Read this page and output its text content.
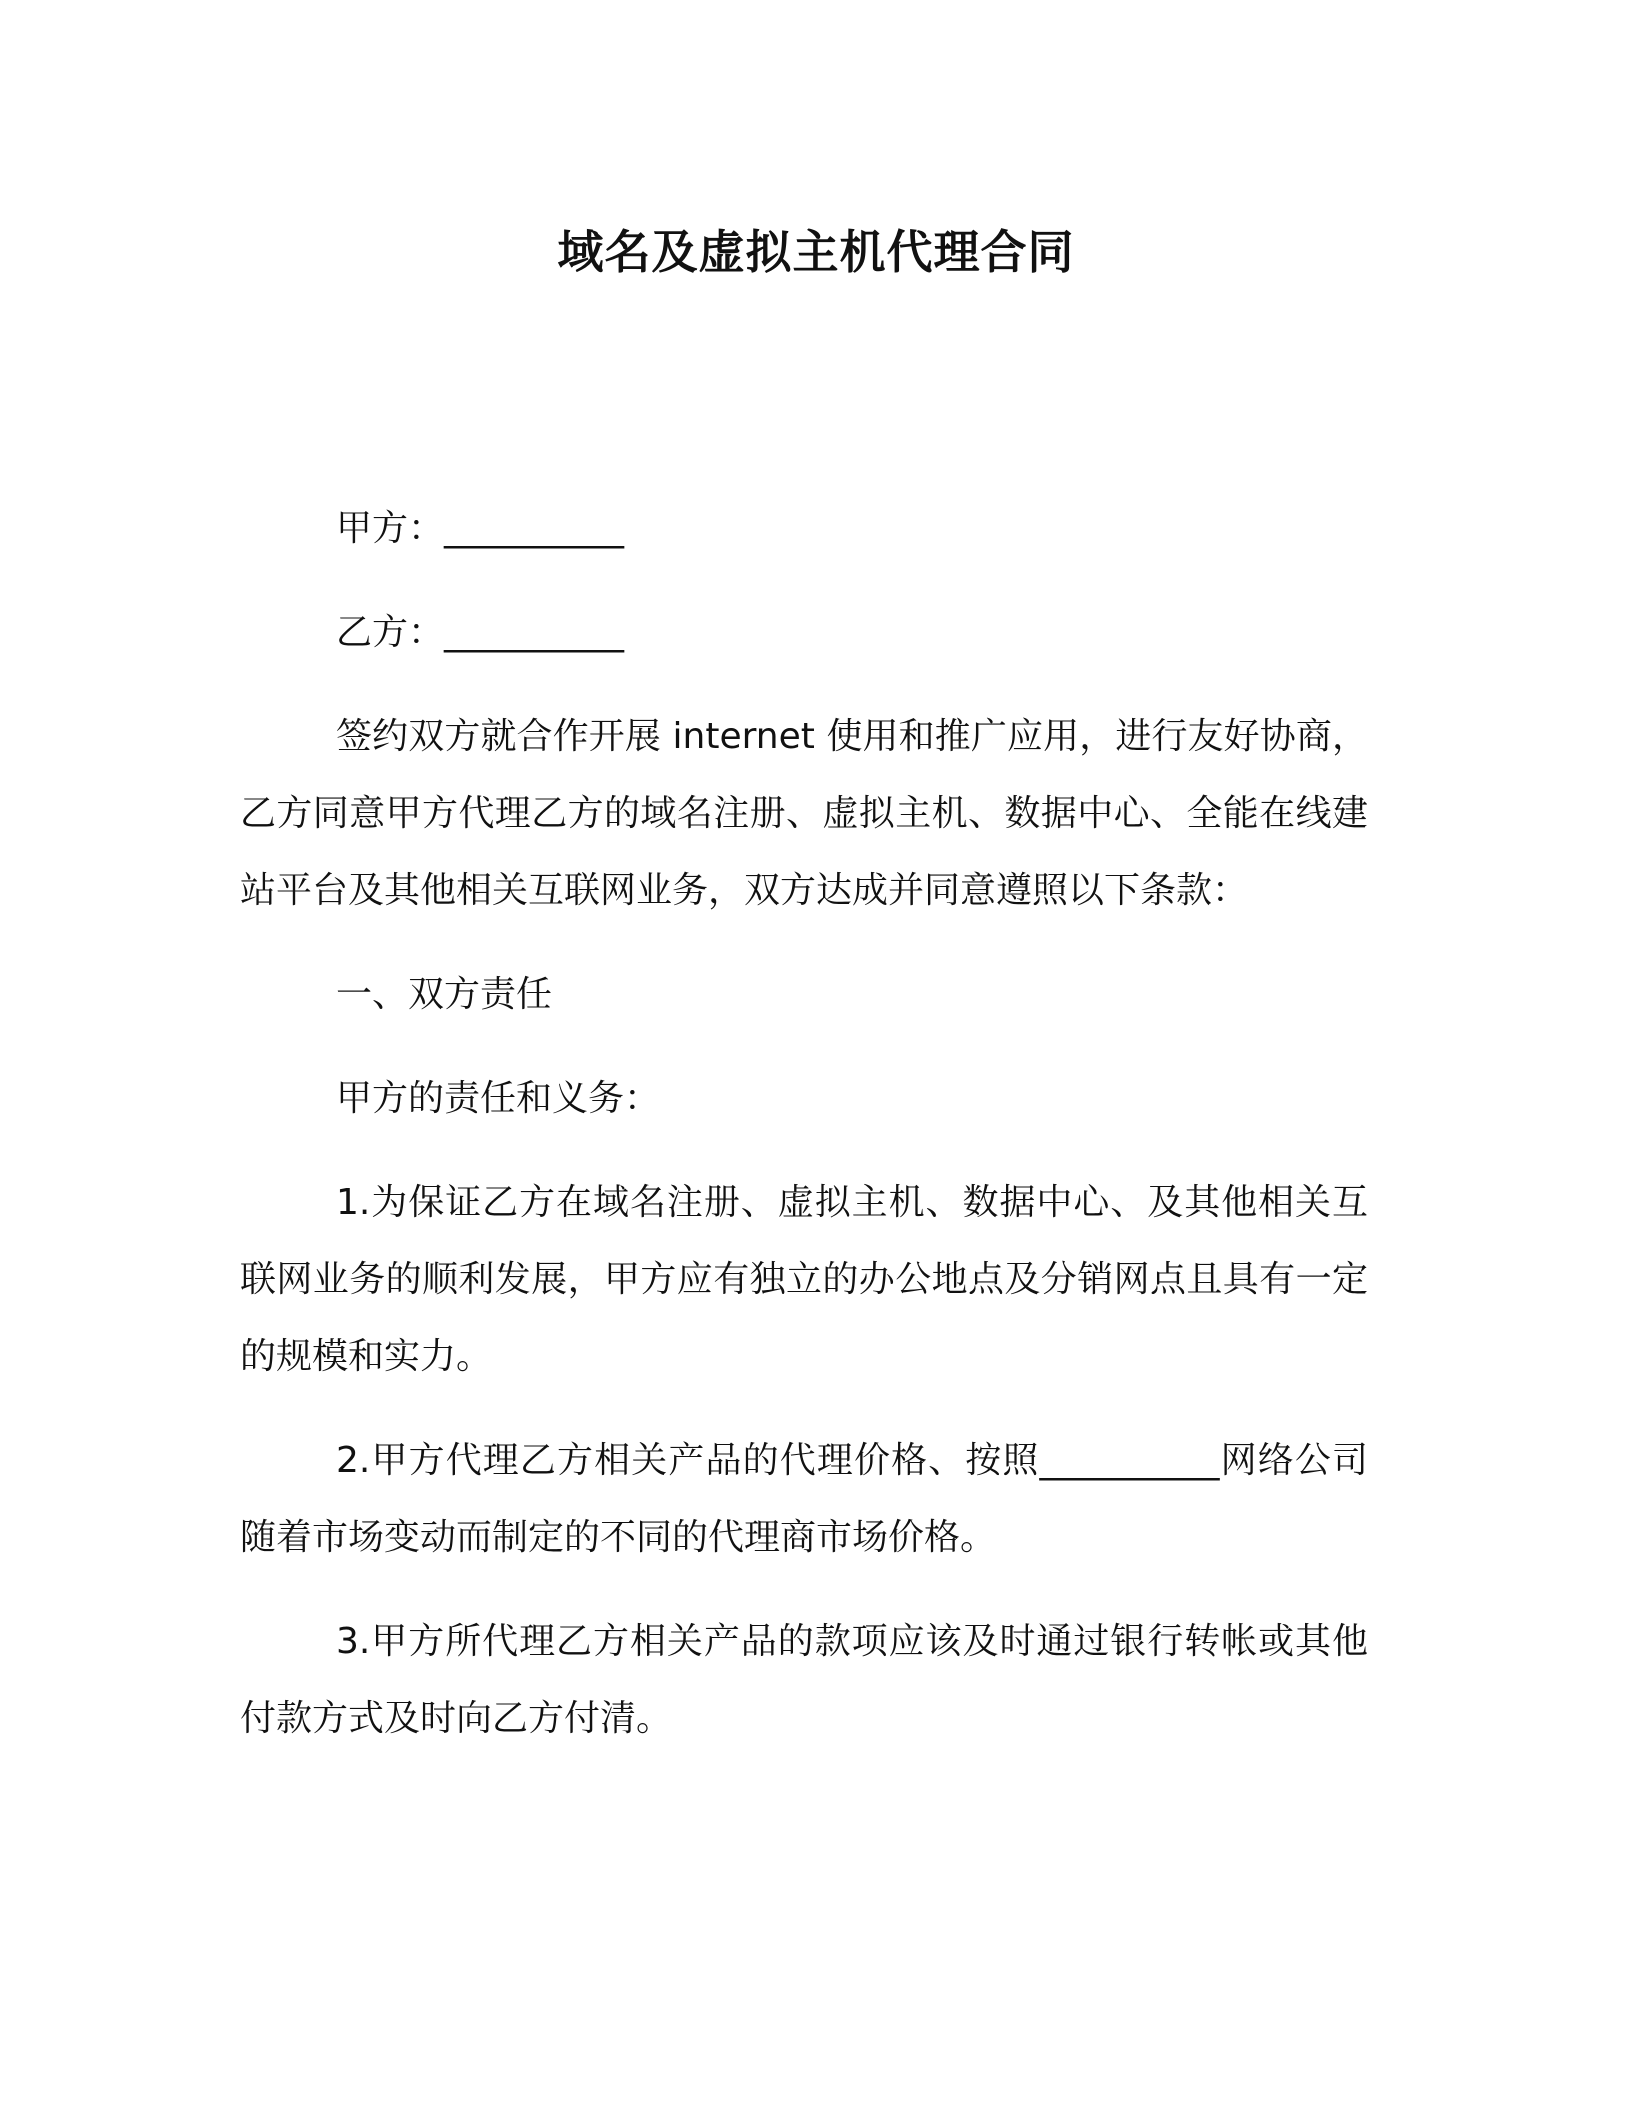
域名及虚拟主机代理合同

甲方：__________

乙方：__________

签约双方就合作开展 internet 使用和推广应用，进行友好协商，乙方同意甲方代理乙方的域名注册、虚拟主机、数据中心、全能在线建站平台及其他相关互联网业务，双方达成并同意遵照以下条款：

一、双方责任

甲方的责任和义务：

1.为保证乙方在域名注册、虚拟主机、数据中心、及其他相关互联网业务的顺利发展，甲方应有独立的办公地点及分销网点且具有一定的规模和实力。

2.甲方代理乙方相关产品的代理价格、按照__________网络公司随着市场变动而制定的不同的代理商市场价格。

3.甲方所代理乙方相关产品的款项应该及时通过银行转帐或其他付款方式及时向乙方付清。
